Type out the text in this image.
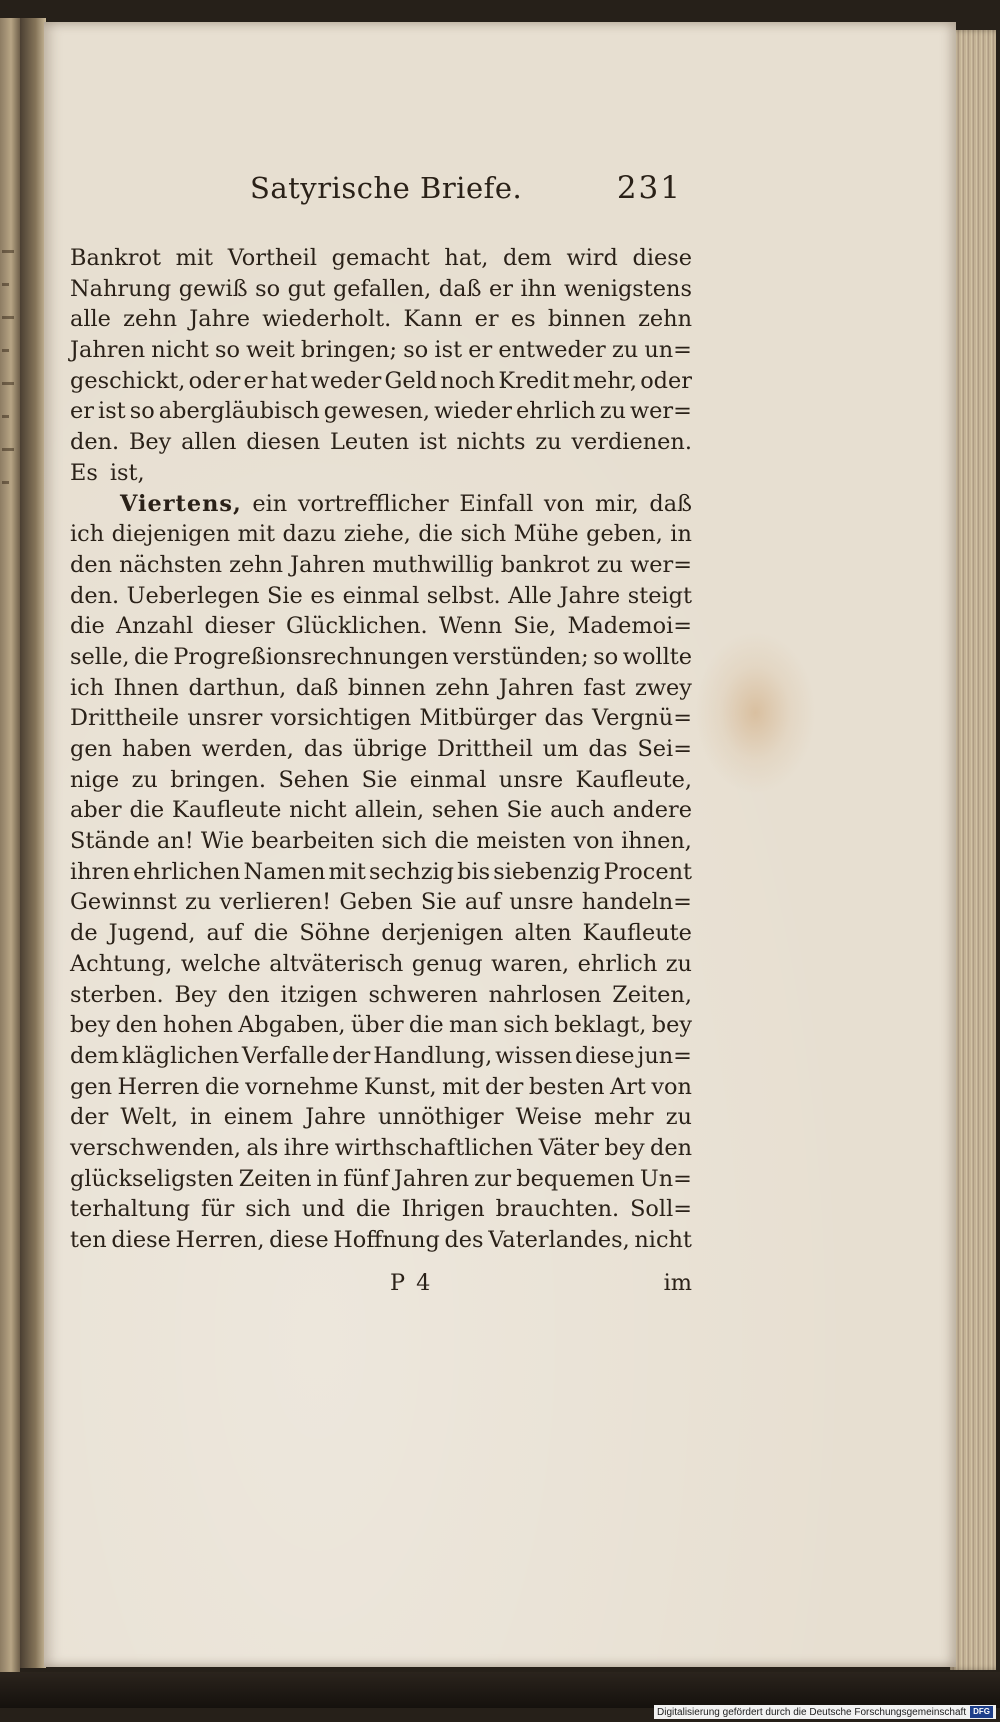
Satyrische Briefe.	231
Bankrot mit Vortheil gemacht hat, dem wird diese
Nahrung gewiß so gut gefallen, daß er ihn wenigstens
alle zehn Jahre wiederholt. Kann er es binnen zehn
Jahren nicht so weit bringen; so ist er entweder zu un=
geschickt, oder er hat weder Geld noch Kredit mehr, oder
er ist so abergläubisch gewesen, wieder ehrlich zu wer=
den. Bey allen diesen Leuten ist nichts zu verdienen.
Es ist,
Viertens, ein vortrefflicher Einfall von mir, daß
ich diejenigen mit dazu ziehe, die sich Mühe geben, in
den nächsten zehn Jahren muthwillig bankrot zu wer=
den. Ueberlegen Sie es einmal selbst. Alle Jahre steigt
die Anzahl dieser Glücklichen. Wenn Sie, Mademoi=
selle, die Progreßionsrechnungen verstünden; so wollte
ich Ihnen darthun, daß binnen zehn Jahren fast zwey
Drittheile unsrer vorsichtigen Mitbürger das Vergnü=
gen haben werden, das übrige Drittheil um das Sei=
nige zu bringen. Sehen Sie einmal unsre Kaufleute,
aber die Kaufleute nicht allein, sehen Sie auch andere
Stände an! Wie bearbeiten sich die meisten von ihnen,
ihren ehrlichen Namen mit sechzig bis siebenzig Procent
Gewinnst zu verlieren! Geben Sie auf unsre handeln=
de Jugend, auf die Söhne derjenigen alten Kaufleute
Achtung, welche altväterisch genug waren, ehrlich zu
sterben. Bey den itzigen schweren nahrlosen Zeiten,
bey den hohen Abgaben, über die man sich beklagt, bey
dem kläglichen Verfalle der Handlung, wissen diese jun=
gen Herren die vornehme Kunst, mit der besten Art von
der Welt, in einem Jahre unnöthiger Weise mehr zu
verschwenden, als ihre wirthschaftlichen Väter bey den
glückseligsten Zeiten in fünf Jahren zur bequemen Un=
terhaltung für sich und die Ihrigen brauchten. Soll=
ten diese Herren, diese Hoffnung des Vaterlandes, nicht
P 4	im
Digitalisierung gefördert durch die Deutsche Forschungsgemeinschaft DFG
